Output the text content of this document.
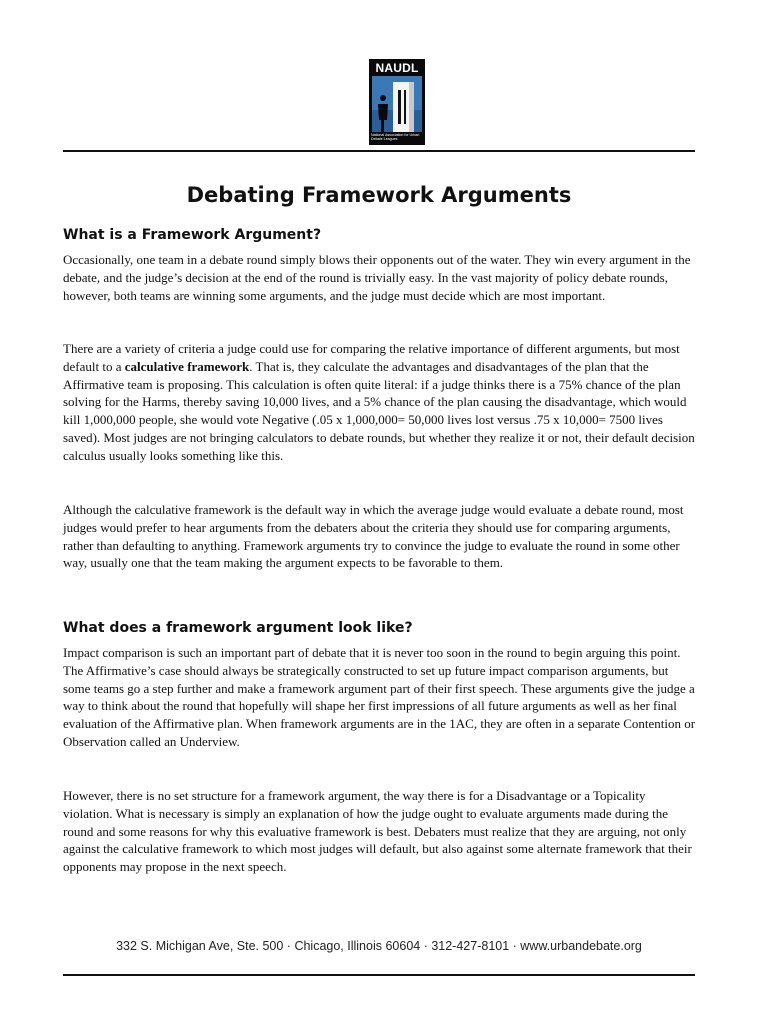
NAUDL
National Association for Urban Debate Leagues
Debating Framework Arguments
What is a Framework Argument?

Occasionally, one team in a debate round simply blows their opponents out of the water. They win every argument in the debate, and the judge’s decision at the end of the round is trivially easy. In the vast majority of policy debate rounds, however, both teams are winning some arguments, and the judge must decide which are most important.

There are a variety of criteria a judge could use for comparing the relative importance of different arguments, but most default to a calculative framework. That is, they calculate the advantages and disadvantages of the plan that the Affirmative team is proposing. This calculation is often quite literal: if a judge thinks there is a 75% chance of the plan solving for the Harms, thereby saving 10,000 lives, and a 5% chance of the plan causing the disadvantage, which would kill 1,000,000 people, she would vote Negative (.05 x 1,000,000= 50,000 lives lost versus .75 x 10,000= 7500 lives saved). Most judges are not bringing calculators to debate rounds, but whether they realize it or not, their default decision calculus usually looks something like this.

Although the calculative framework is the default way in which the average judge would evaluate a debate round, most judges would prefer to hear arguments from the debaters about the criteria they should use for comparing arguments, rather than defaulting to anything. Framework arguments try to convince the judge to evaluate the round in some other way, usually one that the team making the argument expects to be favorable to them.

What does a framework argument look like?

Impact comparison is such an important part of debate that it is never too soon in the round to begin arguing this point. The Affirmative’s case should always be strategically constructed to set up future impact comparison arguments, but some teams go a step further and make a framework argument part of their first speech. These arguments give the judge a way to think about the round that hopefully will shape her first impressions of all future arguments as well as her final evaluation of the Affirmative plan. When framework arguments are in the 1AC, they are often in a separate Contention or Observation called an Underview.

However, there is no set structure for a framework argument, the way there is for a Disadvantage or a Topicality violation. What is necessary is simply an explanation of how the judge ought to evaluate arguments made during the round and some reasons for why this evaluative framework is best. Debaters must realize that they are arguing, not only against the calculative framework to which most judges will default, but also against some alternate framework that their opponents may propose in the next speech.

332 S. Michigan Ave, Ste. 500 · Chicago, Illinois 60604 · 312-427-8101 · www.urbandebate.org
